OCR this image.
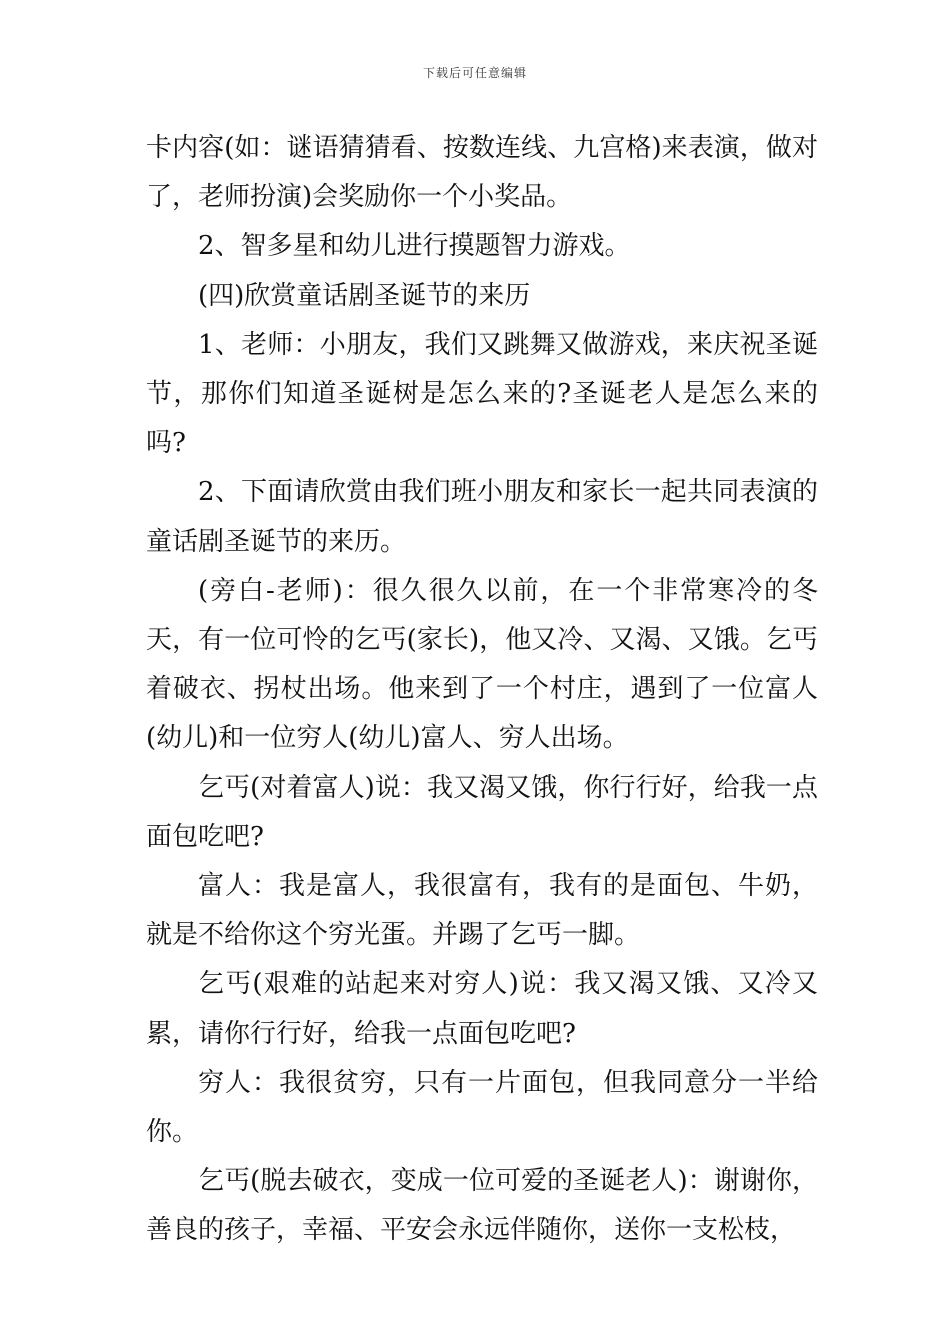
下载后可任意编辑

卡内容(如：谜语猜猜看、按数连线、九宫格)来表演，做对了，老师扮演)会奖励你一个小奖品。

2、智多星和幼儿进行摸题智力游戏。

(四)欣赏童话剧圣诞节的来历

1、老师：小朋友，我们又跳舞又做游戏，来庆祝圣诞节，那你们知道圣诞树是怎么来的?圣诞老人是怎么来的吗?

2、下面请欣赏由我们班小朋友和家长一起共同表演的童话剧圣诞节的来历。

(旁白-老师)：很久很久以前，在一个非常寒冷的冬天，有一位可怜的乞丐(家长)，他又冷、又渴、又饿。乞丐着破衣、拐杖出场。他来到了一个村庄，遇到了一位富人(幼儿)和一位穷人(幼儿)富人、穷人出场。

乞丐(对着富人)说：我又渴又饿，你行行好，给我一点面包吃吧?

富人：我是富人，我很富有，我有的是面包、牛奶，就是不给你这个穷光蛋。并踢了乞丐一脚。

乞丐(艰难的站起来对穷人)说：我又渴又饿、又冷又累，请你行行好，给我一点面包吃吧?

穷人：我很贫穷，只有一片面包，但我同意分一半给你。

乞丐(脱去破衣，变成一位可爱的圣诞老人)：谢谢你，善良的孩子，幸福、平安会永远伴随你，送你一支松枝，
